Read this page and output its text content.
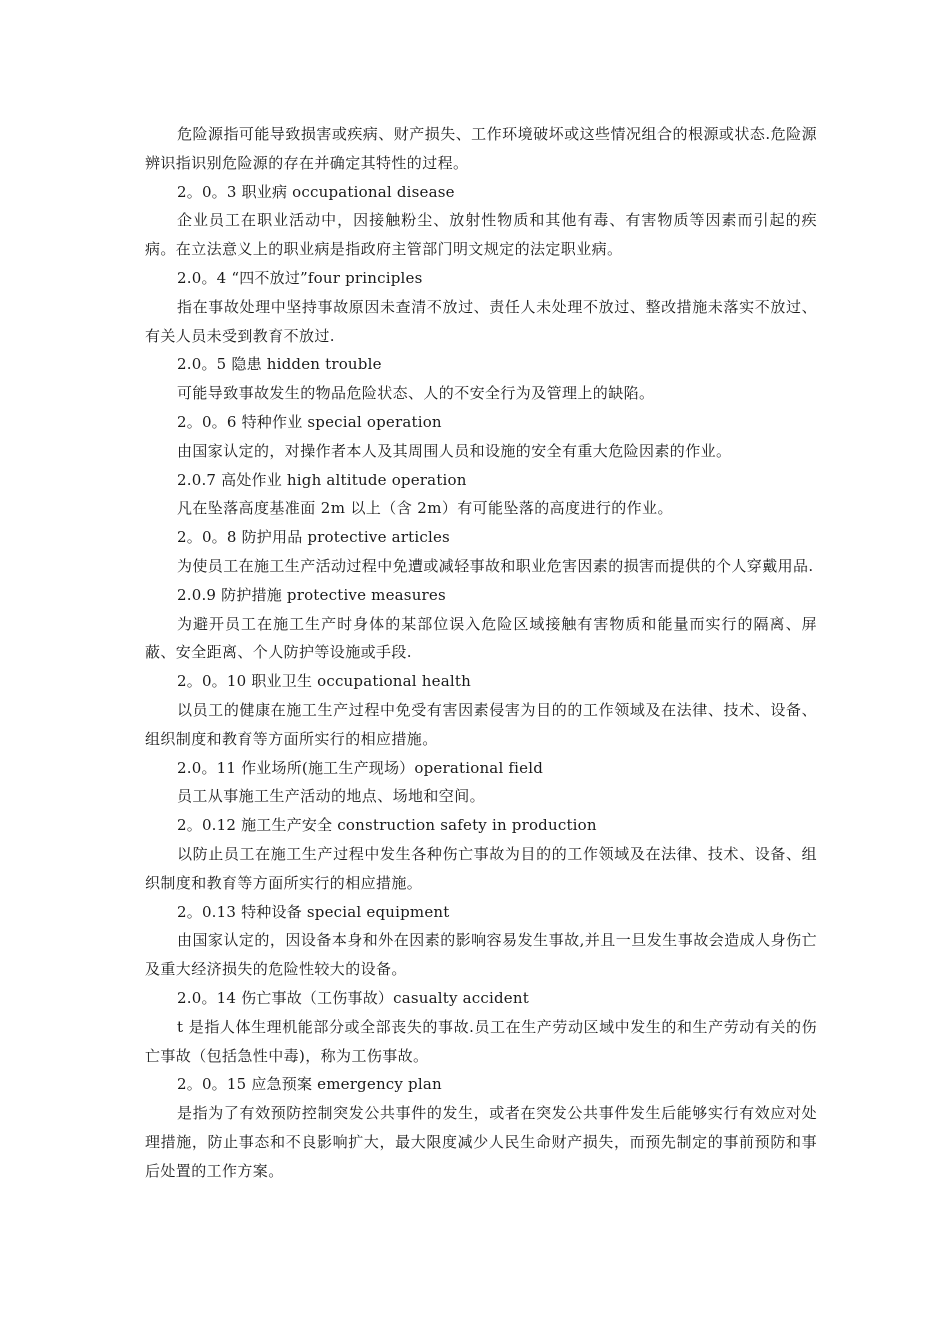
危险源指可能导致损害或疾病、财产损失、工作环境破坏或这些情况组合的根源或状态.危险源辨识指识别危险源的存在并确定其特性的过程。

2。0。3 职业病 occupational disease

企业员工在职业活动中，因接触粉尘、放射性物质和其他有毒、有害物质等因素而引起的疾病。在立法意义上的职业病是指政府主管部门明文规定的法定职业病。

2.0。4 “四不放过”four principles

指在事故处理中坚持事故原因未查清不放过、责任人未处理不放过、整改措施未落实不放过、有关人员未受到教育不放过.

2.0。5 隐患 hidden trouble

可能导致事故发生的物品危险状态、人的不安全行为及管理上的缺陷。

2。0。6 特种作业 special operation

由国家认定的，对操作者本人及其周围人员和设施的安全有重大危险因素的作业。

2.0.7 高处作业 high altitude operation

凡在坠落高度基准面 2m 以上（含 2m）有可能坠落的高度进行的作业。

2。0。8 防护用品 protective articles

为使员工在施工生产活动过程中免遭或减轻事故和职业危害因素的损害而提供的个人穿戴用品.

2.0.9 防护措施 protective measures

为避开员工在施工生产时身体的某部位误入危险区域接触有害物质和能量而实行的隔离、屏蔽、安全距离、个人防护等设施或手段.

2。0。10 职业卫生 occupational health

以员工的健康在施工生产过程中免受有害因素侵害为目的的工作领域及在法律、技术、设备、组织制度和教育等方面所实行的相应措施。

2.0。11 作业场所(施工生产现场）operational field

员工从事施工生产活动的地点、场地和空间。

2。0.12 施工生产安全 construction safety in production

以防止员工在施工生产过程中发生各种伤亡事故为目的的工作领域及在法律、技术、设备、组织制度和教育等方面所实行的相应措施。

2。0.13 特种设备 special equipment

由国家认定的，因设备本身和外在因素的影响容易发生事故,并且一旦发生事故会造成人身伤亡及重大经济损失的危险性较大的设备。

2.0。14 伤亡事故（工伤事故）casualty accident

t 是指人体生理机能部分或全部丧失的事故.员工在生产劳动区域中发生的和生产劳动有关的伤亡事故（包括急性中毒)，称为工伤事故。

2。0。15 应急预案 emergency plan

是指为了有效预防控制突发公共事件的发生，或者在突发公共事件发生后能够实行有效应对处理措施，防止事态和不良影响扩大，最大限度减少人民生命财产损失，而预先制定的事前预防和事后处置的工作方案。
